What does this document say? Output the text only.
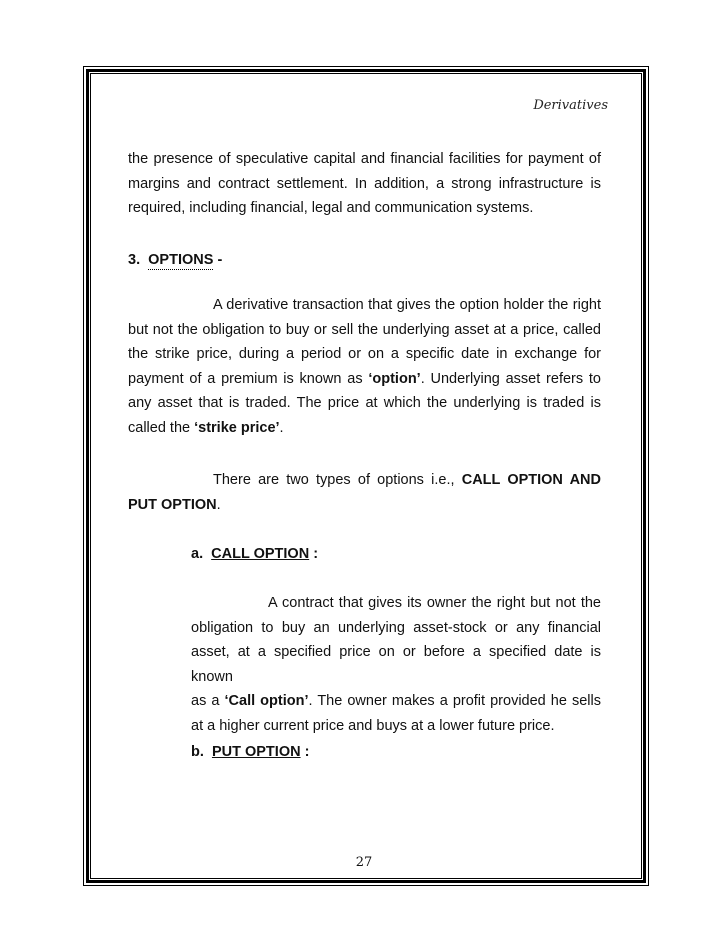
Derivatives
the presence of speculative capital and financial facilities for payment of
margins and contract settlement. In addition, a strong infrastructure is
required, including financial, legal and communication systems.
3. OPTIONS -
A derivative transaction that gives the option holder the right
but not the obligation to buy or sell the underlying asset at a price, called
the strike price, during a period or on a specific date in exchange for
payment of a premium is known as ‘option’. Underlying asset refers to
any asset that is traded. The price at which the underlying is traded is
called the ‘strike price’.
There are two types of options i.e., CALL OPTION AND
PUT OPTION.
a. CALL OPTION :
A contract that gives its owner the right but not the
obligation to buy an underlying asset-stock or any financial
asset, at a specified price on or before a specified date is known
as a ‘Call option’. The owner makes a profit provided he sells
at a higher current price and buys at a lower future price.
b. PUT OPTION :
27
